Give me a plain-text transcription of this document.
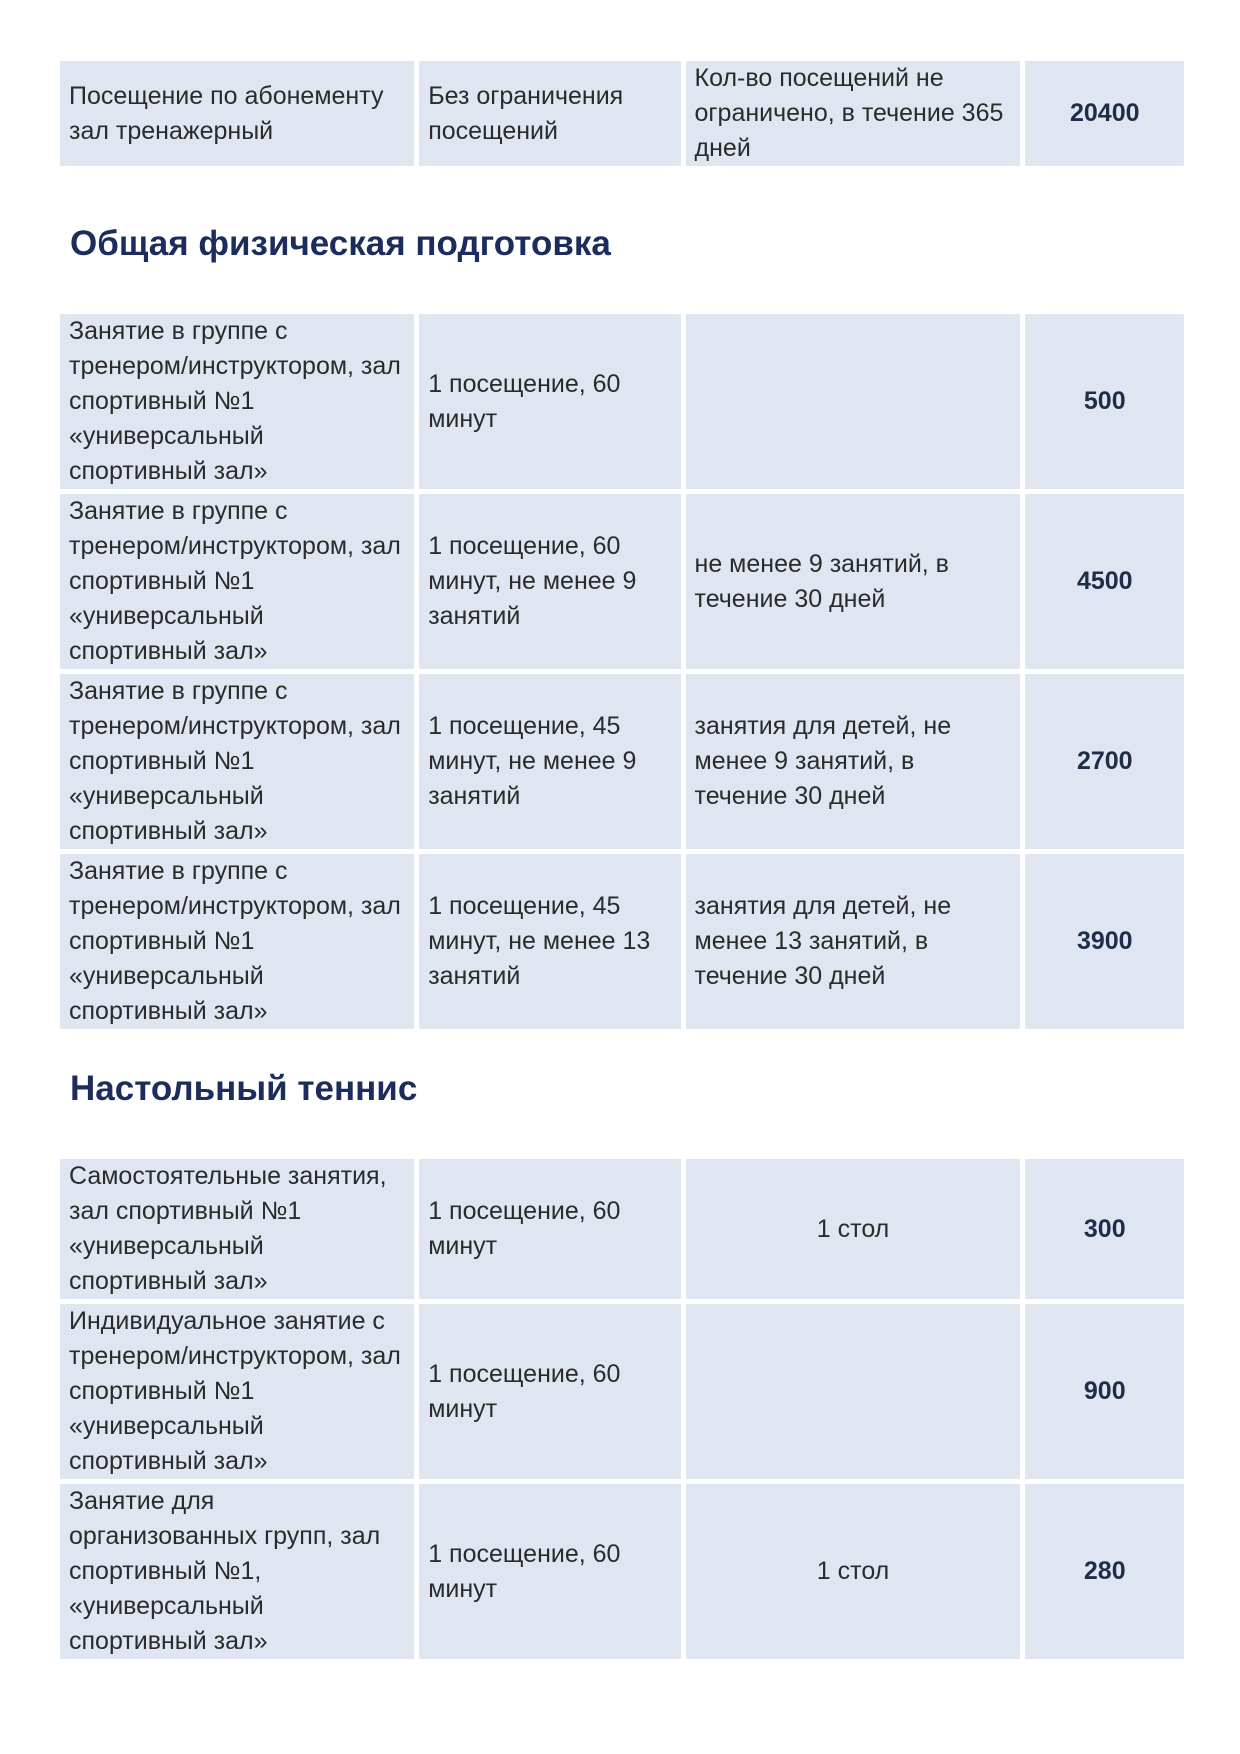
Посещение по абонементу зал тренажерный	Без ограничения посещений	Кол-во посещений не ограничено, в течение 365 дней	20400
Общая физическая подготовка
Занятие в группе с тренером/инструктором, зал спортивный №1 «универсальный спортивный зал»	1 посещение, 60 минут		500
Занятие в группе с тренером/инструктором, зал спортивный №1 «универсальный спортивный зал»	1 посещение, 60 минут, не менее 9 занятий	не менее 9 занятий, в течение 30 дней	4500
Занятие в группе с тренером/инструктором, зал спортивный №1 «универсальный спортивный зал»	1 посещение, 45 минут, не менее 9 занятий	занятия для детей, не менее 9 занятий, в течение 30 дней	2700
Занятие в группе с тренером/инструктором, зал спортивный №1 «универсальный спортивный зал»	1 посещение, 45 минут, не менее 13 занятий	занятия для детей, не менее 13 занятий, в течение 30 дней	3900
Настольный теннис
Самостоятельные занятия, зал спортивный №1 «универсальный спортивный зал»	1 посещение, 60 минут	1 стол	300
Индивидуальное занятие с тренером/инструктором, зал спортивный №1 «универсальный спортивный зал»	1 посещение, 60 минут		900
Занятие для организованных групп, зал спортивный №1, «универсальный спортивный зал»	1 посещение, 60 минут	1 стол	280
